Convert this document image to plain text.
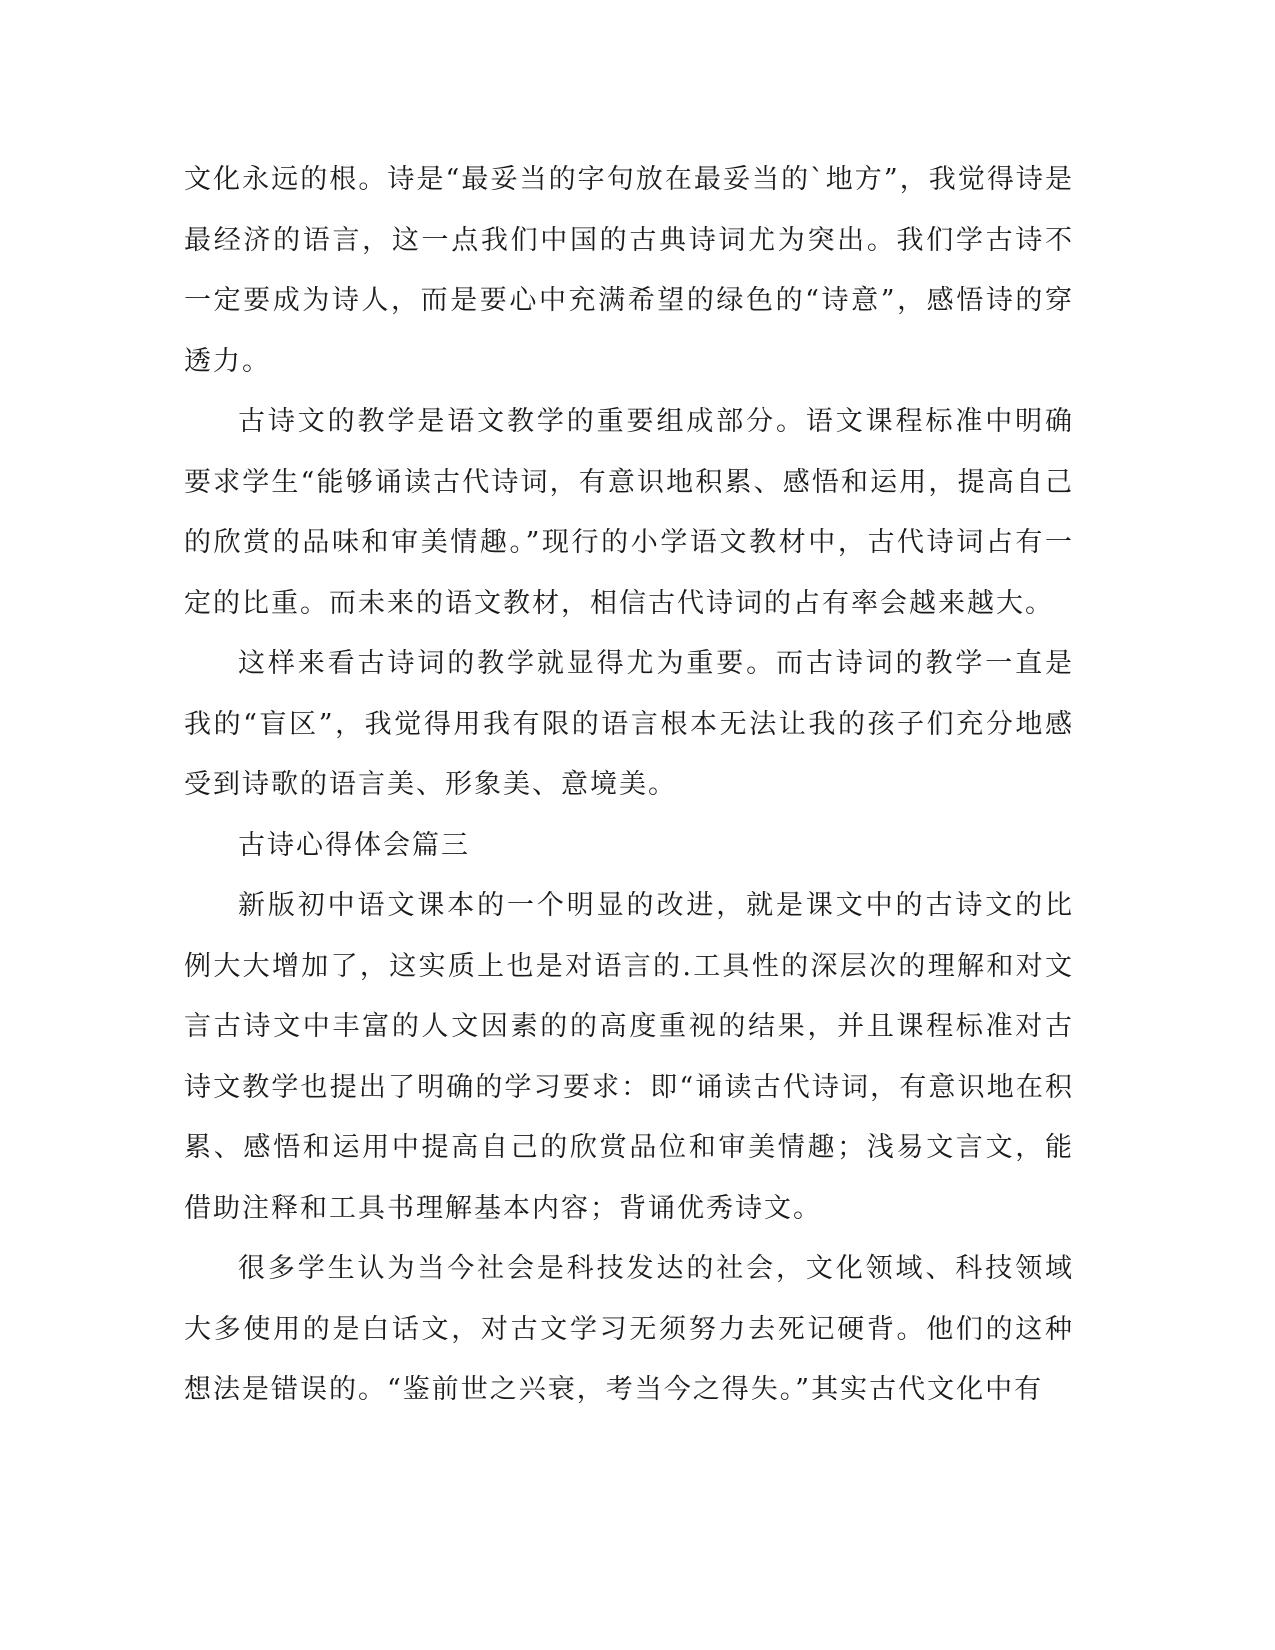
文化永远的根。诗是“最妥当的字句放在最妥当的`地方”，我觉得诗是最经济的语言，这一点我们中国的古典诗词尤为突出。我们学古诗不一定要成为诗人，而是要心中充满希望的绿色的“诗意”，感悟诗的穿透力。

古诗文的教学是语文教学的重要组成部分。语文课程标准中明确要求学生“能够诵读古代诗词，有意识地积累、感悟和运用，提高自己的欣赏的品味和审美情趣。”现行的小学语文教材中，古代诗词占有一定的比重。而未来的语文教材，相信古代诗词的占有率会越来越大。

这样来看古诗词的教学就显得尤为重要。而古诗词的教学一直是我的“盲区”，我觉得用我有限的语言根本无法让我的孩子们充分地感受到诗歌的语言美、形象美、意境美。

古诗心得体会篇三

新版初中语文课本的一个明显的改进，就是课文中的古诗文的比例大大增加了，这实质上也是对语言的.工具性的深层次的理解和对文言古诗文中丰富的人文因素的的高度重视的结果，并且课程标准对古诗文教学也提出了明确的学习要求：即“诵读古代诗词，有意识地在积累、感悟和运用中提高自己的欣赏品位和审美情趣；浅易文言文，能借助注释和工具书理解基本内容；背诵优秀诗文。

很多学生认为当今社会是科技发达的社会，文化领域、科技领域大多使用的是白话文，对古文学习无须努力去死记硬背。他们的这种想法是错误的。“鉴前世之兴衰，考当今之得失。”其实古代文化中有
